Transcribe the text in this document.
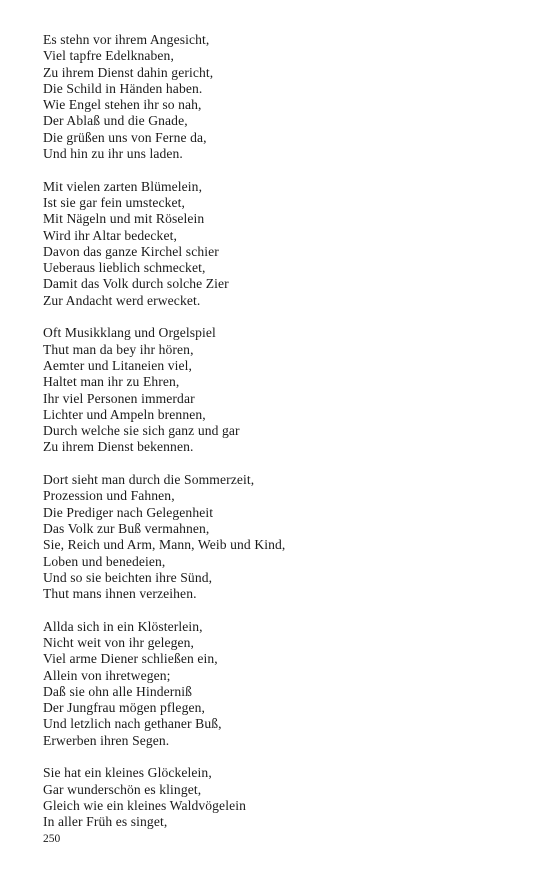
Es stehn vor ihrem Angesicht,
Viel tapfre Edelknaben,
Zu ihrem Dienst dahin gericht,
Die Schild in Händen haben.
Wie Engel stehen ihr so nah,
Der Ablaß und die Gnade,
Die grüßen uns von Ferne da,
Und hin zu ihr uns laden.
Mit vielen zarten Blümelein,
Ist sie gar fein umstecket,
Mit Nägeln und mit Röselein
Wird ihr Altar bedecket,
Davon das ganze Kirchel schier
Ueberaus lieblich schmecket,
Damit das Volk durch solche Zier
Zur Andacht werd erwecket.
Oft Musikklang und Orgelspiel
Thut man da bey ihr hören,
Aemter und Litaneien viel,
Haltet man ihr zu Ehren,
Ihr viel Personen immerdar
Lichter und Ampeln brennen,
Durch welche sie sich ganz und gar
Zu ihrem Dienst bekennen.
Dort sieht man durch die Sommerzeit,
Prozession und Fahnen,
Die Prediger nach Gelegenheit
Das Volk zur Buß vermahnen,
Sie, Reich und Arm, Mann, Weib und Kind,
Loben und benedeien,
Und so sie beichten ihre Sünd,
Thut mans ihnen verzeihen.
Allda sich in ein Klösterlein,
Nicht weit von ihr gelegen,
Viel arme Diener schließen ein,
Allein von ihretwegen;
Daß sie ohn alle Hinderniß
Der Jungfrau mögen pflegen,
Und letzlich nach gethaner Buß,
Erwerben ihren Segen.
Sie hat ein kleines Glöckelein,
Gar wunderschön es klinget,
Gleich wie ein kleines Waldvögelein
In aller Früh es singet,
250
